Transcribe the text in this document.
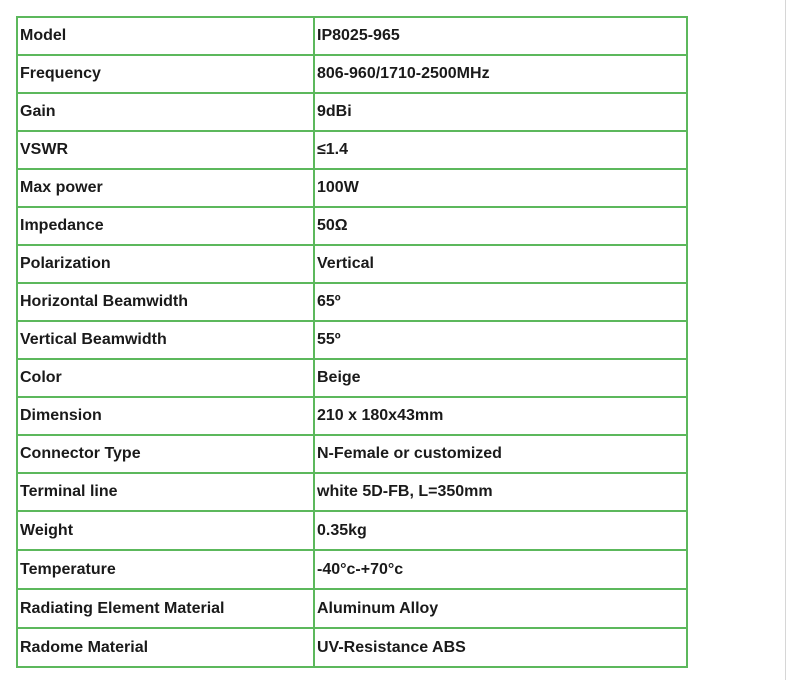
Model	IP8025-965
Frequency	806-960/1710-2500MHz
Gain	9dBi
VSWR	≤1.4
Max power	100W
Impedance	50Ω
Polarization	Vertical
Horizontal Beamwidth	65º
Vertical Beamwidth	55º
Color	Beige
Dimension	210 x 180x43mm
Connector Type	N-Female or customized
Terminal line	white 5D-FB, L=350mm
Weight	0.35kg
Temperature	-40°c-+70°c
Radiating Element Material	Aluminum Alloy
Radome Material	UV-Resistance ABS
